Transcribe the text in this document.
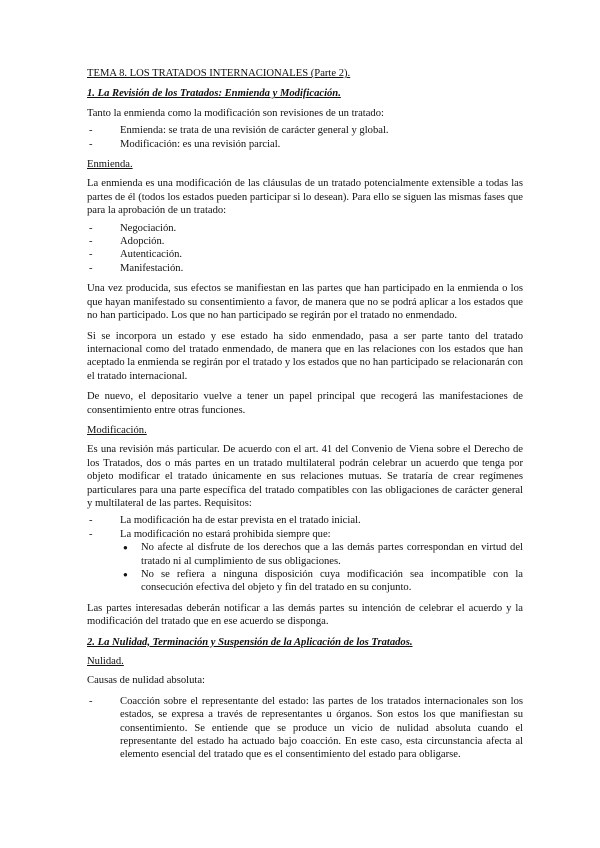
TEMA 8. LOS TRATADOS INTERNACIONALES (Parte 2).

1. La Revisión de los Tratados: Enmienda y Modificación.

Tanto la enmienda como la modificación son revisiones de un tratado:

- Enmienda: se trata de una revisión de carácter general y global.
- Modificación: es una revisión parcial.

Enmienda.

La enmienda es una modificación de las cláusulas de un tratado potencialmente extensible a todas las partes de él (todos los estados pueden participar si lo desean). Para ello se siguen las mismas fases que para la aprobación de un tratado:

- Negociación.
- Adopción.
- Autenticación.
- Manifestación.

Una vez producida, sus efectos se manifiestan en las partes que han participado en la enmienda o los que hayan manifestado su consentimiento a favor, de manera que no se podrá aplicar a los estados que no han participado. Los que no han participado se regirán por el tratado no enmendado.

Si se incorpora un estado y ese estado ha sido enmendado, pasa a ser parte tanto del tratado internacional como del tratado enmendado, de manera que en las relaciones con los estados que han aceptado la enmienda se regirán por el tratado y los estados que no han participado se relacionarán con el tratado internacional.

De nuevo, el depositario vuelve a tener un papel principal que recogerá las manifestaciones de consentimiento entre otras funciones.

Modificación.

Es una revisión más particular. De acuerdo con el art. 41 del Convenio de Viena sobre el Derecho de los Tratados, dos o más partes en un tratado multilateral podrán celebrar un acuerdo que tenga por objeto modificar el tratado únicamente en sus relaciones mutuas. Se trataría de crear regímenes particulares para una parte específica del tratado compatibles con las obligaciones de carácter general y multilateral de las partes. Requisitos:

- La modificación ha de estar prevista en el tratado inicial.
- La modificación no estará prohibida siempre que:
● No afecte al disfrute de los derechos que a las demás partes correspondan en virtud del tratado ni al cumplimiento de sus obligaciones.
● No se refiera a ninguna disposición cuya modificación sea incompatible con la consecución efectiva del objeto y fin del tratado en su conjunto.

Las partes interesadas deberán notificar a las demás partes su intención de celebrar el acuerdo y la modificación del tratado que en ese acuerdo se disponga.

2. La Nulidad, Terminación y Suspensión de la Aplicación de los Tratados.

Nulidad.

Causas de nulidad absoluta:

- Coacción sobre el representante del estado: las partes de los tratados internacionales son los estados, se expresa a través de representantes u órganos. Son estos los que manifiestan su consentimiento. Se entiende que se produce un vicio de nulidad absoluta cuando el representante del estado ha actuado bajo coacción. En este caso, esta circunstancia afecta al elemento esencial del tratado que es el consentimiento del estado para obligarse.
